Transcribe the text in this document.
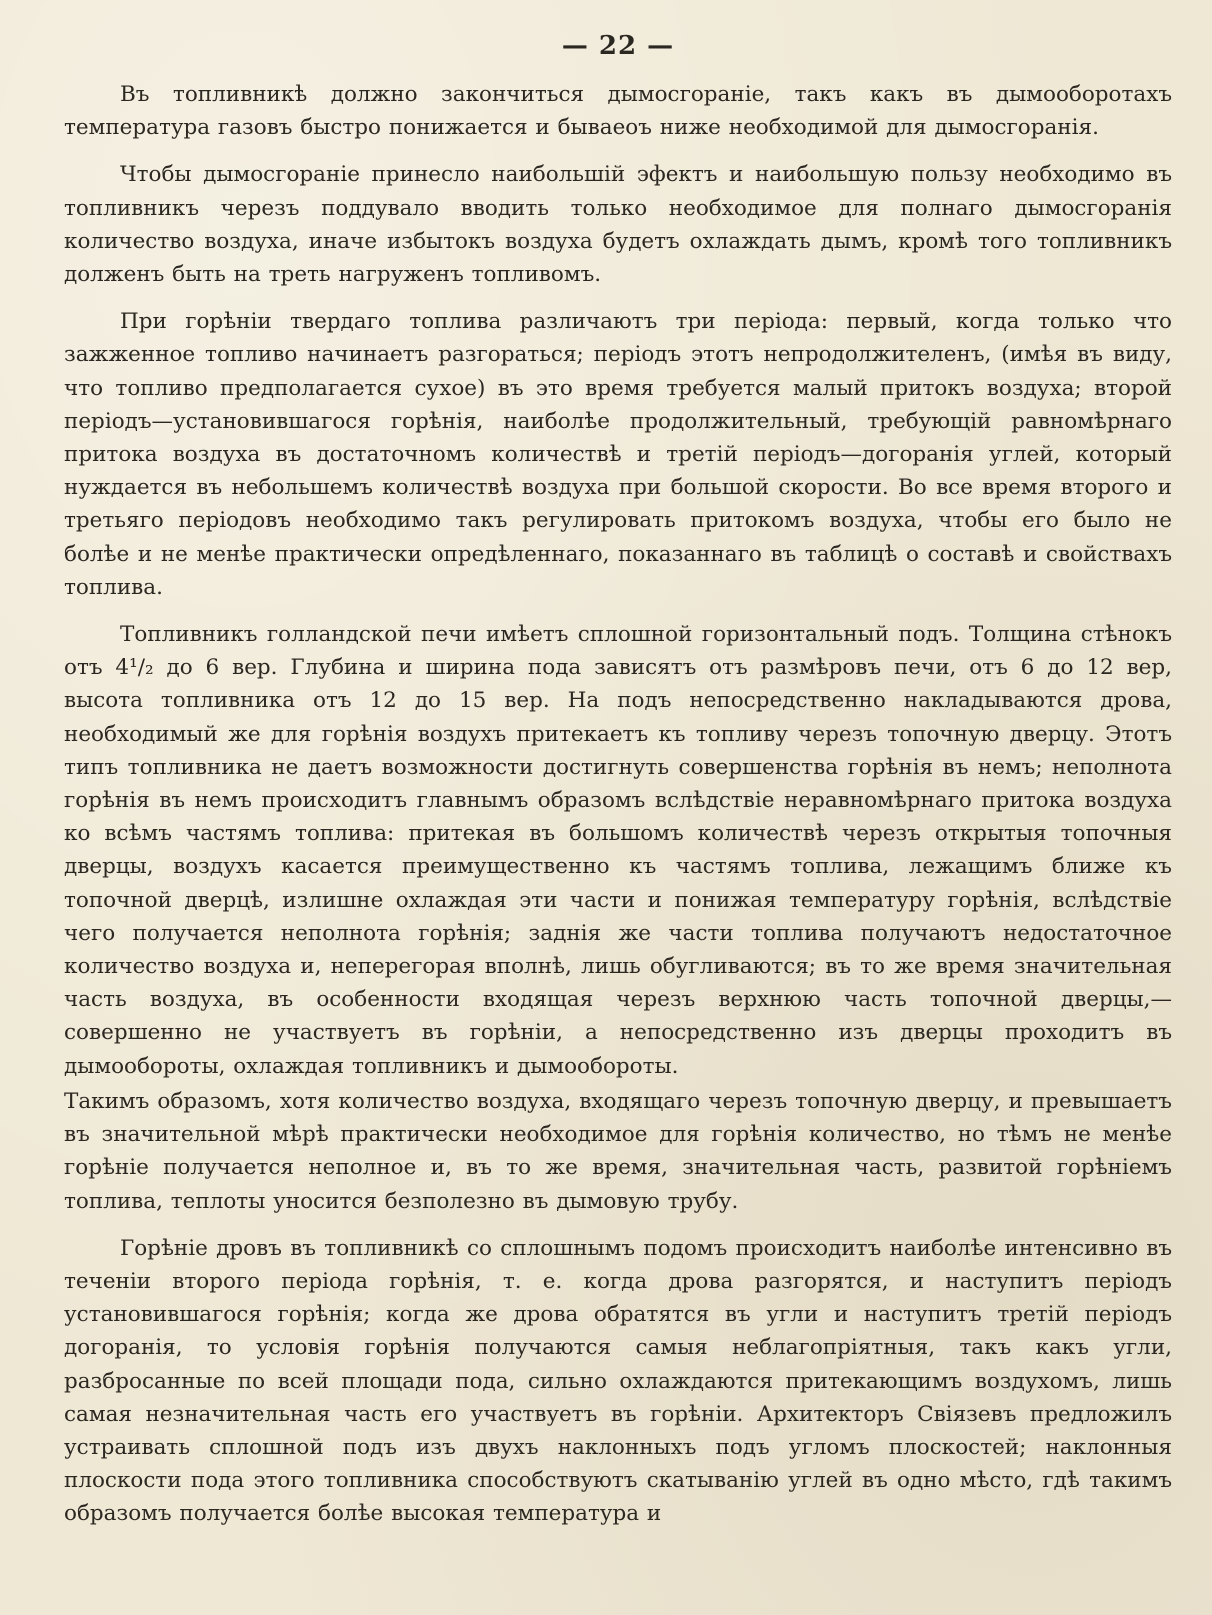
— 22 —

Въ топливникѣ должно закончиться дымосгораніе, такъ какъ въ дымооборотахъ температура газовъ быстро понижается и бываеоъ ниже необходимой для дымосгоранія.

Чтобы дымосгораніе принесло наибольшій эфектъ и наибольшую пользу необходимо въ топливникъ черезъ поддувало вводить только необходимое для полнаго дымосгоранія количество воздуха, иначе избытокъ воздуха будетъ охлаждать дымъ, кромѣ того топливникъ долженъ быть на треть нагруженъ топливомъ.

При горѣніи твердаго топлива различаютъ три періода: первый, когда только что зажженное топливо начинаетъ разгораться; періодъ этотъ непродолжителенъ, (имѣя въ виду, что топливо предполагается сухое) въ это время требуется малый притокъ воздуха; второй періодъ—установившагося горѣнія, наиболѣе продолжительный, требующій равномѣрнаго притока воздуха въ достаточномъ количествѣ и третій періодъ—догоранія углей, который нуждается въ небольшемъ количествѣ воздуха при большой скорости. Во все время второго и третьяго періодовъ необходимо такъ регулировать притокомъ воздуха, чтобы его было не болѣе и не менѣе практически опредѣленнаго, показаннаго въ таблицѣ о составѣ и свойствахъ топлива.

Топливникъ голландской печи имѣетъ сплошной горизонтальный подъ. Толщина стѣнокъ отъ 4¹/₂ до 6 вер. Глубина и ширина пода зависятъ отъ размѣровъ печи, отъ 6 до 12 вер, высота топливника отъ 12 до 15 вер. На подъ непосредственно накладываются дрова, необходимый же для горѣнія воздухъ притекаетъ къ топливу черезъ топочную дверцу. Этотъ типъ топливника не даетъ возможности достигнуть совершенства горѣнія въ немъ; неполнота горѣнія въ немъ происходитъ главнымъ образомъ вслѣдствіе неравномѣрнаго притока воздуха ко всѣмъ частямъ топлива: притекая въ большомъ количествѣ черезъ открытыя топочныя дверцы, воздухъ касается преимущественно къ частямъ топлива, лежащимъ ближе къ топочной дверцѣ, излишне охлаждая эти части и понижая температуру горѣнія, вслѣдствіе чего получается неполнота горѣнія; заднія же части топлива получаютъ недостаточное количество воздуха и, неперегорая вполнѣ, лишь обугливаются; въ то же время значительная часть воздуха, въ особенности входящая черезъ верхнюю часть топочной дверцы,—совершенно не участвуетъ въ горѣніи, а непосредственно изъ дверцы проходитъ въ дымообороты, охлаждая топливникъ и дымообороты.

Такимъ образомъ, хотя количество воздуха, входящаго черезъ топочную дверцу, и превышаетъ въ значительной мѣрѣ практически необходимое для горѣнія количество, но тѣмъ не менѣе горѣніе получается неполное и, въ то же время, значительная часть, развитой горѣніемъ топлива, теплоты уносится безполезно въ дымовую трубу.

Горѣніе дровъ въ топливникѣ со сплошнымъ подомъ происходитъ наиболѣе интенсивно въ теченіи второго періода горѣнія, т. е. когда дрова разгорятся, и наступитъ періодъ установившагося горѣнія; когда же дрова обратятся въ угли и наступитъ третій періодъ догоранія, то условія горѣнія получаются самыя неблагопріятныя, такъ какъ угли, разбросанные по всей площади пода, сильно охлаждаются притекающимъ воздухомъ, лишь самая незначительная часть его участвуетъ въ горѣніи. Архитекторъ Свіязевъ предложилъ устраивать сплошной подъ изъ двухъ наклонныхъ подъ угломъ плоскостей; наклонныя плоскости пода этого топливника способствуютъ скатыванію углей въ одно мѣсто, гдѣ такимъ образомъ получается болѣе высокая температура и
